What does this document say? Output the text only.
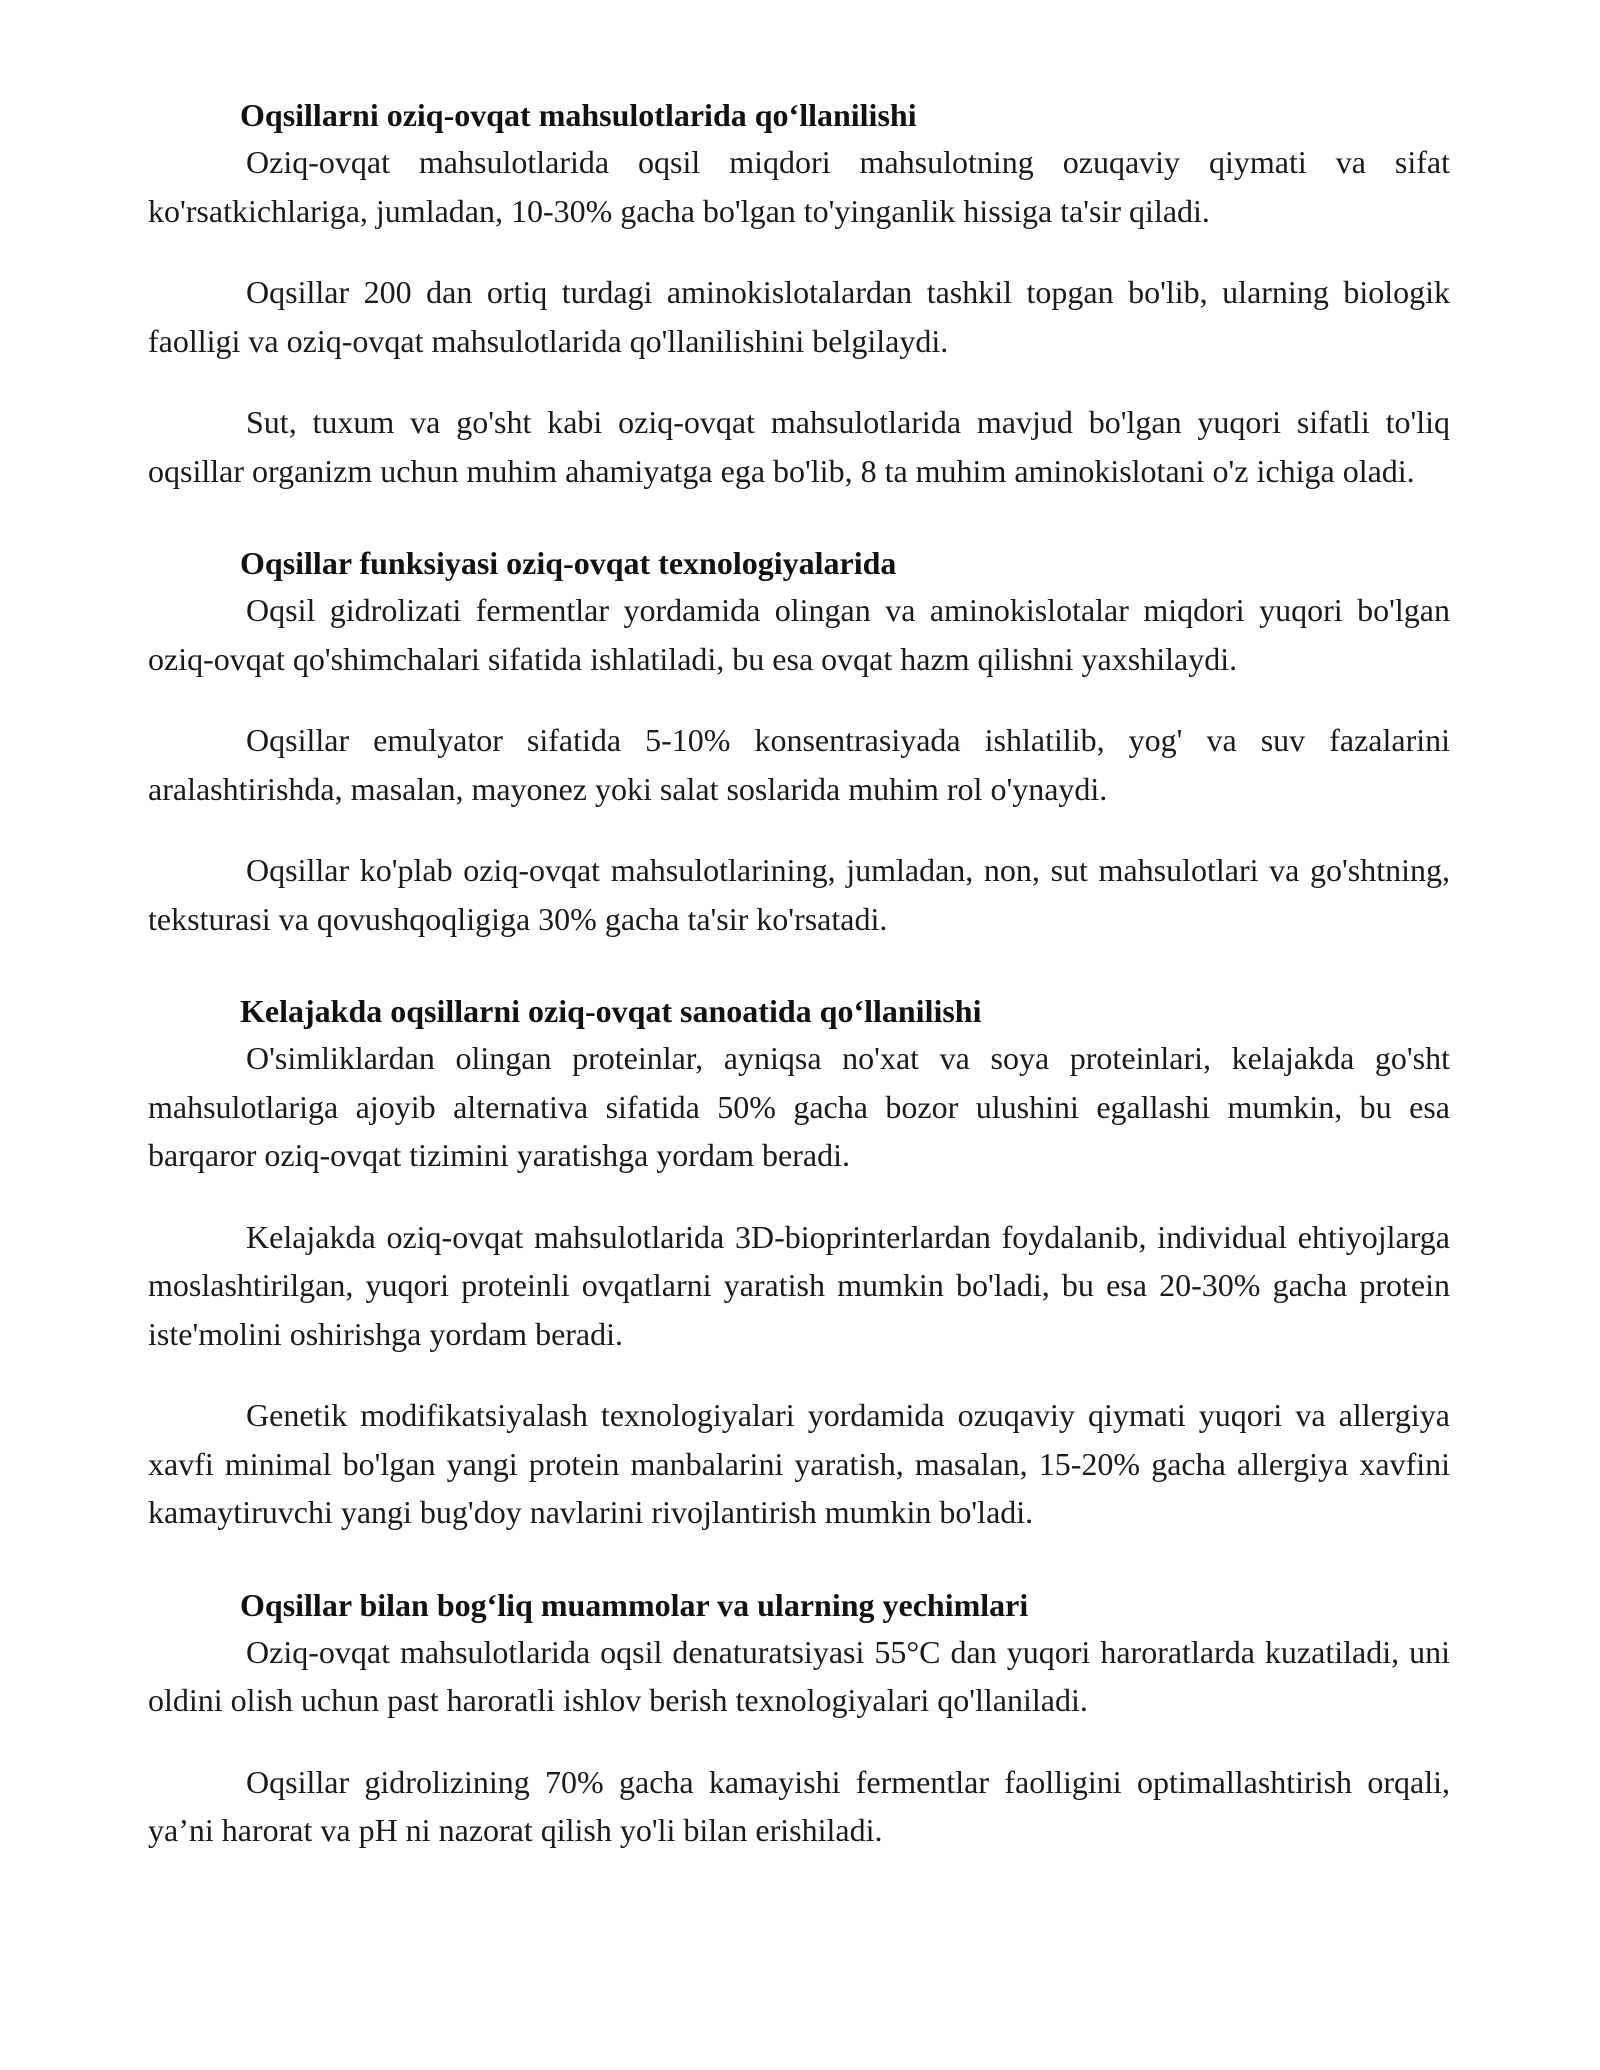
Oqsillarni oziq-ovqat mahsulotlarida qo‘llanilishi

Oziq-ovqat mahsulotlarida oqsil miqdori mahsulotning ozuqaviy qiymati va sifat ko'rsatkichlariga, jumladan, 10-30% gacha bo'lgan to'yinganlik hissiga ta'sir qiladi.

Oqsillar 200 dan ortiq turdagi aminokislotalardan tashkil topgan bo'lib, ularning biologik faolligi va oziq-ovqat mahsulotlarida qo'llanilishini belgilaydi.

Sut, tuxum va go'sht kabi oziq-ovqat mahsulotlarida mavjud bo'lgan yuqori sifatli to'liq oqsillar organizm uchun muhim ahamiyatga ega bo'lib, 8 ta muhim aminokislotani o'z ichiga oladi.

Oqsillar funksiyasi oziq-ovqat texnologiyalarida

Oqsil gidrolizati fermentlar yordamida olingan va aminokislotalar miqdori yuqori bo'lgan oziq-ovqat qo'shimchalari sifatida ishlatiladi, bu esa ovqat hazm qilishni yaxshilaydi.

Oqsillar emulyator sifatida 5-10% konsentrasiyada ishlatilib, yog' va suv fazalarini aralashtirishda, masalan, mayonez yoki salat soslarida muhim rol o'ynaydi.

Oqsillar ko'plab oziq-ovqat mahsulotlarining, jumladan, non, sut mahsulotlari va go'shtning, teksturasi va qovushqoqligiga 30% gacha ta'sir ko'rsatadi.

Kelajakda oqsillarni oziq-ovqat sanoatida qo‘llanilishi

O'simliklardan olingan proteinlar, ayniqsa no'xat va soya proteinlari, kelajakda go'sht mahsulotlariga ajoyib alternativa sifatida 50% gacha bozor ulushini egallashi mumkin, bu esa barqaror oziq-ovqat tizimini yaratishga yordam beradi.

Kelajakda oziq-ovqat mahsulotlarida 3D-bioprinterlardan foydalanib, individual ehtiyojlarga moslashtirilgan, yuqori proteinli ovqatlarni yaratish mumkin bo'ladi, bu esa 20-30% gacha protein iste'molini oshirishga yordam beradi.

Genetik modifikatsiyalash texnologiyalari yordamida ozuqaviy qiymati yuqori va allergiya xavfi minimal bo'lgan yangi protein manbalarini yaratish, masalan, 15-20% gacha allergiya xavfini kamaytiruvchi yangi bug'doy navlarini rivojlantirish mumkin bo'ladi.

Oqsillar bilan bog‘liq muammolar va ularning yechimlari

Oziq-ovqat mahsulotlarida oqsil denaturatsiyasi 55°C dan yuqori haroratlarda kuzatiladi, uni oldini olish uchun past haroratli ishlov berish texnologiyalari qo'llaniladi.

Oqsillar gidrolizining 70% gacha kamayishi fermentlar faolligini optimallashtirish orqali, ya’ni harorat va pH ni nazorat qilish yo'li bilan erishiladi.
